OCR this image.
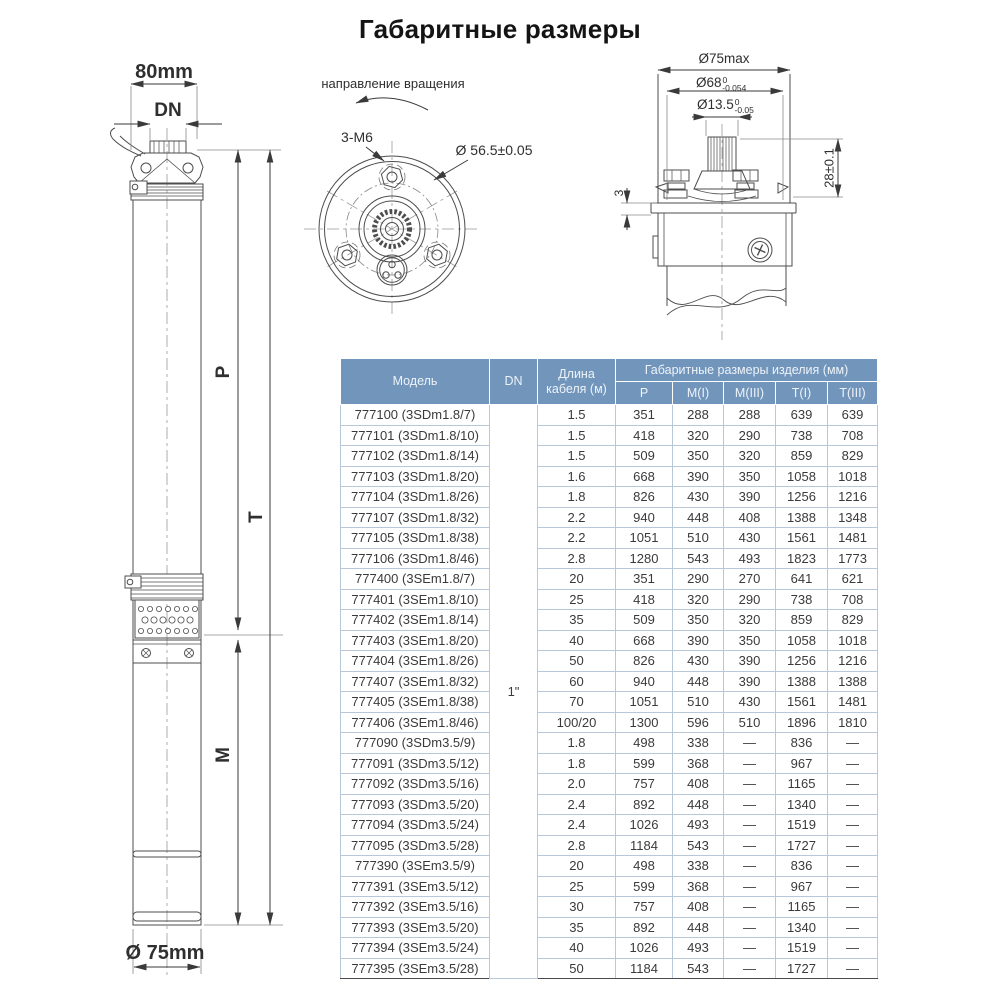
Габаритные размеры
80mm
DN
P
T
M
Ø 75mm
направление вращения
3-M6
Ø 56.5±0.05
Ø75max
$Ø68^0$ -0.054
Ø13.5$^0$ -0.05
28±0.1
3
Модель	DN	Длина кабеля (м)	Габаритные размеры изделия (мм)				
			P	M(I)	M(III)	T(I)	T(III)
777100 (3SDm1.8/7)	1"	1.5	351	288	288	639	639
777101 (3SDm1.8/10)		1.5	418	320	290	738	708
777102 (3SDm1.8/14)		1.5	509	350	320	859	829
777103 (3SDm1.8/20)		1.6	668	390	350	1058	1018
777104 (3SDm1.8/26)		1.8	826	430	390	1256	1216
777107 (3SDm1.8/32)		2.2	940	448	408	1388	1348
777105 (3SDm1.8/38)		2.2	1051	510	430	1561	1481
777106 (3SDm1.8/46)		2.8	1280	543	493	1823	1773
777400 (3SEm1.8/7)		20	351	290	270	641	621
777401 (3SEm1.8/10)		25	418	320	290	738	708
777402 (3SEm1.8/14)		35	509	350	320	859	829
777403 (3SEm1.8/20)		40	668	390	350	1058	1018
777404 (3SEm1.8/26)		50	826	430	390	1256	1216
777407 (3SEm1.8/32)		60	940	448	390	1388	1388
777405 (3SEm1.8/38)		70	1051	510	430	1561	1481
777406 (3SEm1.8/46)		100/20	1300	596	510	1896	1810
777090 (3SDm3.5/9)		1.8	498	338	—	836	—
777091 (3SDm3.5/12)		1.8	599	368	—	967	—
777092 (3SDm3.5/16)		2.0	757	408	—	1165	—
777093 (3SDm3.5/20)		2.4	892	448	—	1340	—
777094 (3SDm3.5/24)		2.4	1026	493	—	1519	—
777095 (3SDm3.5/28)		2.8	1184	543	—	1727	—
777390 (3SEm3.5/9)		20	498	338	—	836	—
777391 (3SEm3.5/12)		25	599	368	—	967	—
777392 (3SEm3.5/16)		30	757	408	—	1165	—
777393 (3SEm3.5/20)		35	892	448	—	1340	—
777394 (3SEm3.5/24)		40	1026	493	—	1519	—
777395 (3SEm3.5/28)		50	1184	543	—	1727	—
